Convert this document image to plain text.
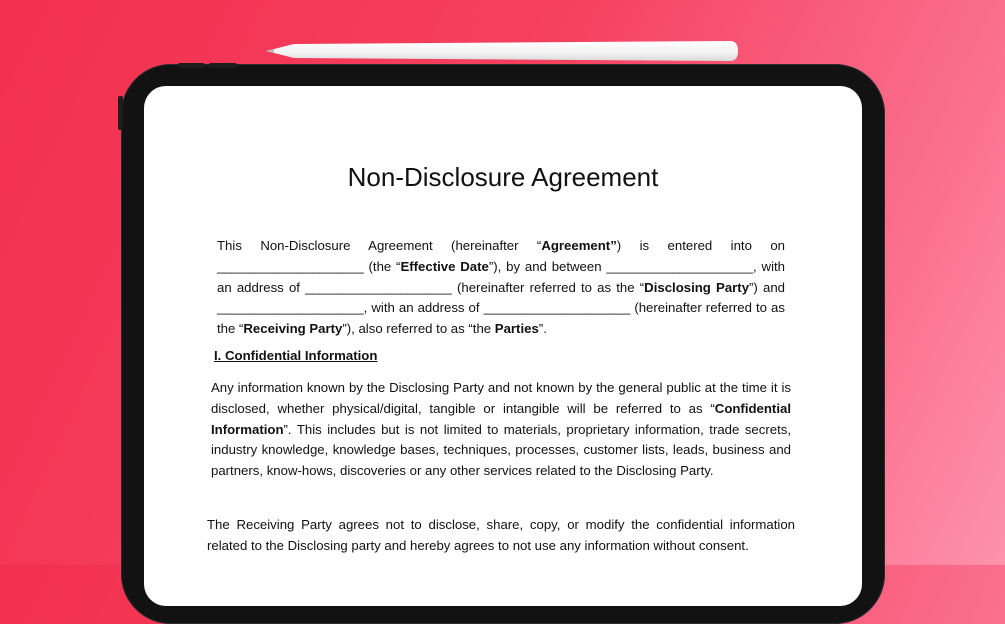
Non-Disclosure Agreement

This Non-Disclosure Agreement (hereinafter “Agreement”) is entered into on ____________________ (the “Effective Date”), by and between ____________________, with an address of ____________________ (hereinafter referred to as the “Disclosing Party”) and ____________________, with an address of ____________________ (hereinafter referred to as the “Receiving Party”), also referred to as “the Parties”.

I. Confidential Information

Any information known by the Disclosing Party and not known by the general public at the time it is disclosed, whether physical/digital, tangible or intangible will be referred to as “Confidential Information”. This includes but is not limited to materials, proprietary information, trade secrets, industry knowledge, knowledge bases, techniques, processes, customer lists, leads, business and partners, know-hows, discoveries or any other services related to the Disclosing Party.

The Receiving Party agrees not to disclose, share, copy, or modify the confidential information related to the Disclosing party and hereby agrees to not use any information without consent.
